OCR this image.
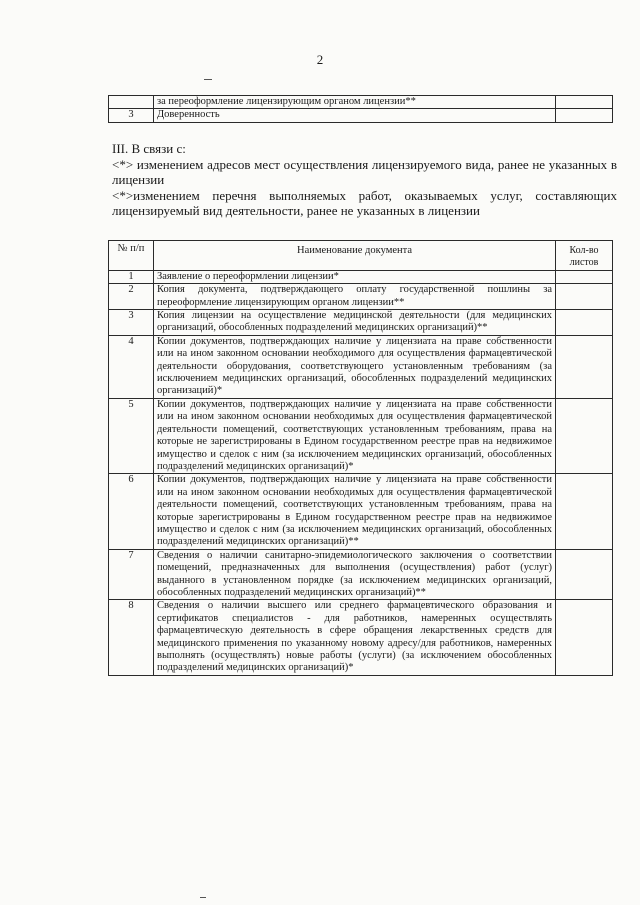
2
	за переоформление лицензирующим органом лицензии**	
3	Доверенность	

III. В связи с:

<*> изменением адресов мест осуществления лицензируемого вида, ранее не указанных в лицензии

<*>изменением перечня выполняемых работ, оказываемых услуг, составляющих лицензируемый вид деятельности, ранее не указанных в лицензии

№ п/п	Наименование документа	Кол-во листов
1	Заявление о переоформлении лицензии*	
2	Копия документа, подтверждающего оплату государственной пошлины за переоформление лицензирующим органом лицензии**	
3	Копия лицензии на осуществление медицинской деятельности (для медицинских организаций, обособленных подразделений медицинских организаций)**	
4	Копии документов, подтверждающих наличие у лицензиата на праве собственности или на ином законном основании необходимого для осуществления фармацевтической деятельности оборудования, соответствующего установленным требованиям (за исключением медицинских организаций, обособленных подразделений медицинских организаций)*	
5	Копии документов, подтверждающих наличие у лицензиата на праве собственности или на ином законном основании необходимых для осуществления фармацевтической деятельности помещений, соответствующих установленным требованиям, права на которые не зарегистрированы в Едином государственном реестре прав на недвижимое имущество и сделок с ним (за исключением медицинских организаций, обособленных подразделений медицинских организаций)*	
6	Копии документов, подтверждающих наличие у лицензиата на праве собственности или на ином законном основании необходимых для осуществления фармацевтической деятельности помещений, соответствующих установленным требованиям, права на которые зарегистрированы в Едином государственном реестре прав на недвижимое имущество и сделок с ним (за исключением медицинских организаций, обособленных подразделений медицинских организаций)**	
7	Сведения о наличии санитарно-эпидемиологического заключения о соответствии помещений, предназначенных для выполнения (осуществления) работ (услуг) выданного в установленном порядке (за исключением медицинских организаций, обособленных подразделений медицинских организаций)**	
8	Сведения о наличии высшего или среднего фармацевтического образования и сертификатов специалистов - для работников, намеренных осуществлять фармацевтическую деятельность в сфере обращения лекарственных средств для медицинского применения по указанному новому адресу/для работников, намеренных выполнять (осуществлять) новые работы (услуги) (за исключением обособленных подразделений медицинских организаций)*	
